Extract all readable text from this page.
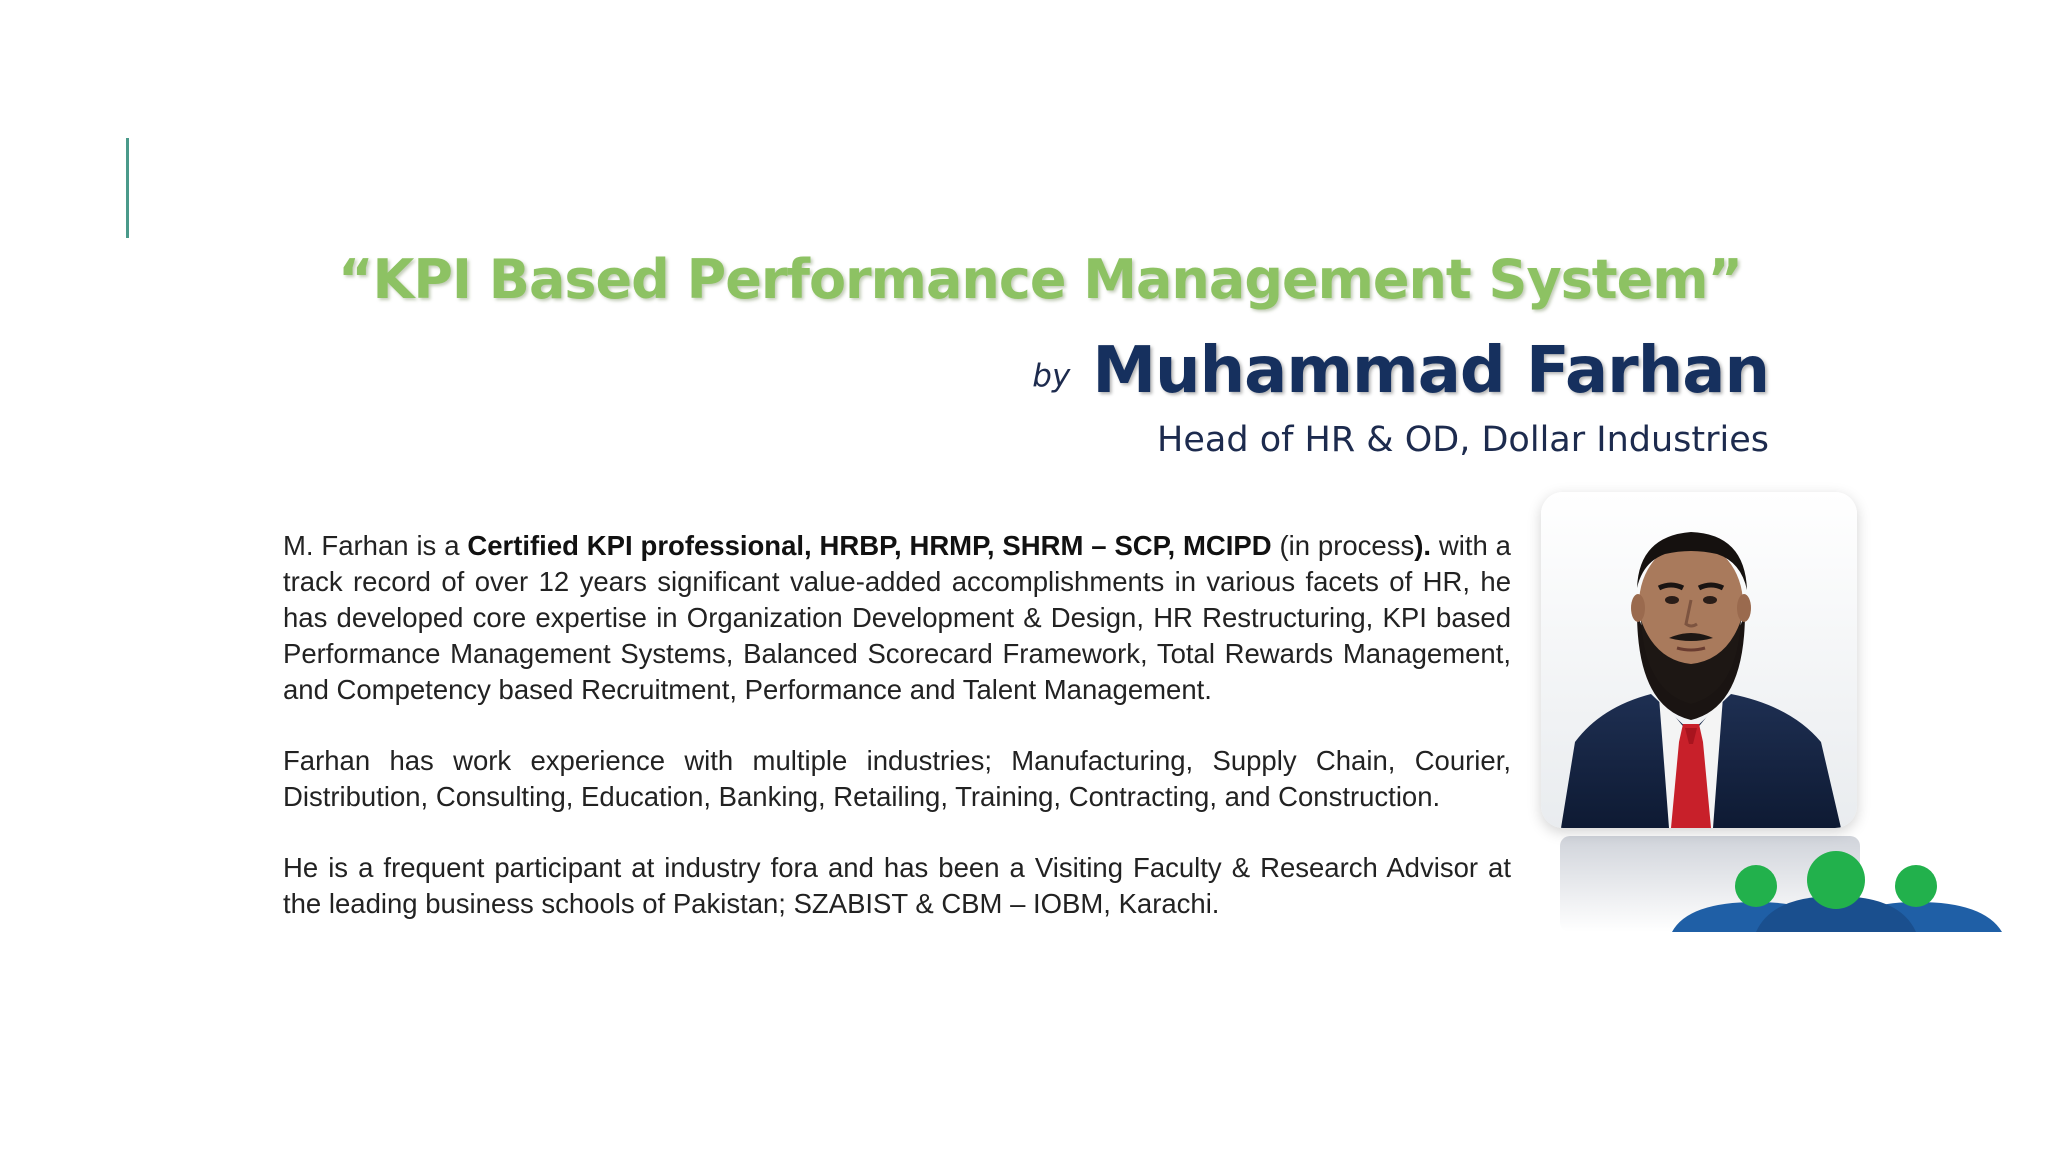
“KPI Based Performance Management System”
by Muhammad Farhan
Head of HR & OD, Dollar Industries

M. Farhan is a Certified KPI professional, HRBP, HRMP, SHRM – SCP, MCIPD (in process). with a track record of over 12 years significant value-added accomplishments in various facets of HR, he has developed core expertise in Organization Development & Design, HR Restructuring, KPI based Performance Management Systems, Balanced Scorecard Framework, Total Rewards Management, and Competency based Recruitment, Performance and Talent Management.

Farhan has work experience with multiple industries; Manufacturing, Supply Chain, Courier, Distribution, Consulting, Education, Banking, Retailing, Training, Contracting, and Construction.

He is a frequent participant at industry fora and has been a Visiting Faculty & Research Advisor at the leading business schools of Pakistan; SZABIST & CBM – IOBM, Karachi.
